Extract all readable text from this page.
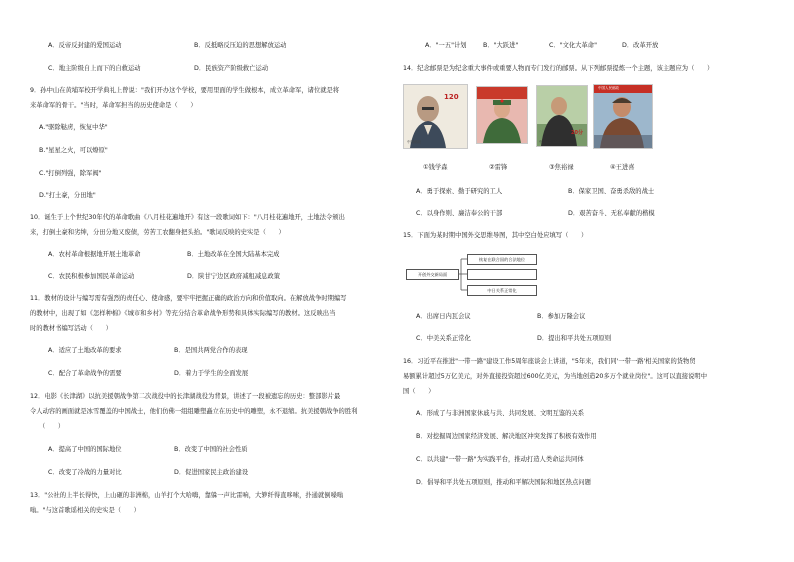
A．反帝反封建的爱国运动	B．反抵略反压迫的思想解放运动
C．地主阶级自上而下的自救运动	D．民族资产阶级救亡运动
9．孙中山在黄埔军校开学典礼上曾说："我们开办这个学校，要用里面的学生做根本，成立革命军，诸位就是将
来革命军的骨干。"当时，革命军担当的历史使命是（　　）
A."驱除鞑虏，恢复中华"
B."星星之火，可以燎原"
C."打倒列强，除军阀"
D."打土豪，分田地"
10．诞生于上个世纪30年代的革命歌曲《八月桂花遍地开》有这一段歌词如下："八月桂花遍地开，土地法令颁出
来，打倒土豪和劣绅，分田分地又废债，劳苦工农翻身把头抬。"歌词反映的史实是（　　）
A．农村革命根据地开展土地革命	B．土地改革在全国大陆基本完成
C．农民积极参加国民革命运动	D．陕甘宁边区政府减租减息政策
11．教材的设计与编写需有强烈的责任心、使命感，要牢牢把握正确的政治方向和价值取向。在解放战争时期编写
的教材中，出现了如《怎样种棉》《城市和乡村》等充分结合革命战争形势和具体实际编写的教材。这反映出当
时的教材书编写活动（　　）
A．适应了土地改革的要求	B．是国共两党合作的表现
C．配合了革命战争的需要	D．着力于学生的全面发展
12．电影《长津湖》以抗美援朝战争第二次战役中的长津湖战役为背景，讲述了一段被遗忘的历史：整部影片最
令人动容的画面就是冰雪覆盖的中国战士，他们仿佛一组组雕塑矗立在历史中的雕塑，永不退缩。抗美援朝战争的胜利
（　　）
A．提高了中国的国际地位	B．改变了中国的社会性质
C．改变了冷战的力量对比	D．促进国家民主政治建设
13．"公社的上半长得快，上山砸的非洲棉，山羊打个大哈嗨，靠躲一声比雷响，大箩纤得直哆嗦，扑通就倒嗓嗡
嗡。"与这首歌谣相关的史实是（　　）
A．"一五"计划	B．"大跃进"	C．"文化大革命"	D．改革开放
14．纪念邮票是为纪念重大事件或重要人物而专门发行的邮票。从下列邮票提炼一个主题，该主题应为（　　）
120
中国邮政
20分
中国邮政 CHINA
中国人民邮政
①钱学森	②雷锋	③焦裕禄	④王进喜
A．勇于探索、勤于研究的工人	B．保家卫国、奋勇杀敌的战士
C．以身作则、廉洁奉公的干部	D．艰苦奋斗、无私奉献的楷模
15．下面为某时期中国外交思维导图，其中空白处应填写（　　）
开创外交新局面
恢复在联合国的合法地位
中日关系正常化
A．出席日内瓦会议	B．参加万隆会议
C．中美关系正常化	D．提出和平共处五项原则
16．习近平在推进"一带一路"建设工作5周年座谈会上讲道，"5年来，我们同'一带一路'相关国家的货物贸
易额累计超过5万亿美元，对外直接投资超过600亿美元，为当地创造20多万个就业岗位"。这可以直接说明中
国（　　）
A．形成了与非洲国家休戚与共、共同发展、文明互鉴的关系
B．对挖掘周边国家经济发展、解决地区冲突发挥了积极有效作用
C．以共建"一带一路"为实践平台，推动打造人类命运共同体
D．倡导和平共处五项原则，推动和平解决国际和地区热点问题
